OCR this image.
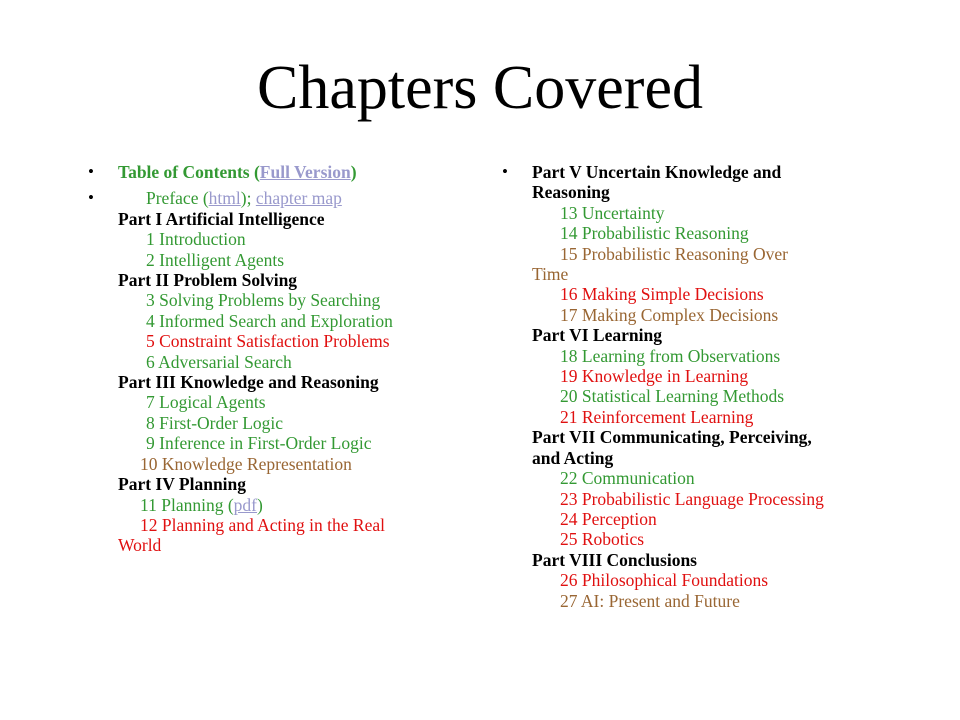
Chapters Covered
• Table of Contents (Full Version)
•	Preface (html); chapter map
Part I Artificial Intelligence
1 Introduction
2 Intelligent Agents
Part II Problem Solving
3 Solving Problems by Searching
4 Informed Search and Exploration
5 Constraint Satisfaction Problems
6 Adversarial Search
Part III Knowledge and Reasoning
7 Logical Agents
8 First-Order Logic
9 Inference in First-Order Logic
10 Knowledge Representation
Part IV Planning
11 Planning (pdf)
12 Planning and Acting in the Real
World
• Part V Uncertain Knowledge and
Reasoning
13 Uncertainty
14 Probabilistic Reasoning
15 Probabilistic Reasoning Over
Time
16 Making Simple Decisions
17 Making Complex Decisions
Part VI Learning
18 Learning from Observations
19 Knowledge in Learning
20 Statistical Learning Methods
21 Reinforcement Learning
Part VII Communicating, Perceiving,
and Acting
22 Communication
23 Probabilistic Language Processing
24 Perception
25 Robotics
Part VIII Conclusions
26 Philosophical Foundations
27 AI: Present and Future
